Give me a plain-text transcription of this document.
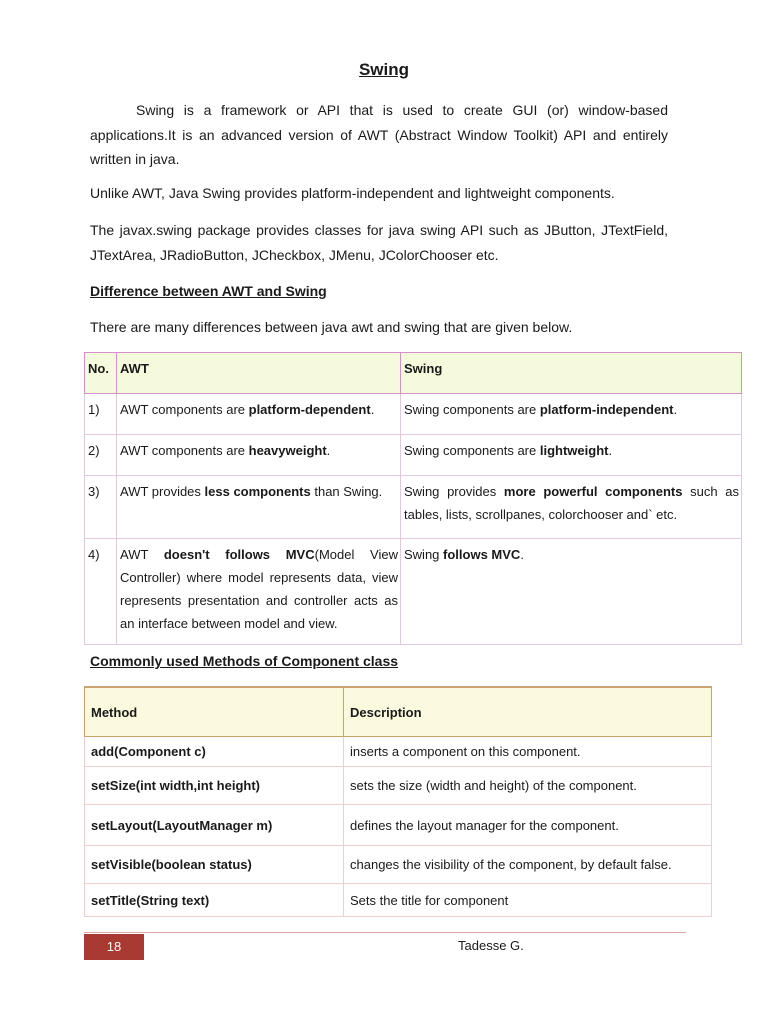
Swing

Swing is a framework or API that is used to create GUI (or) window-based applications.It is an advanced version of AWT (Abstract Window Toolkit) API and entirely written in java.

Unlike AWT, Java Swing provides platform-independent and lightweight components.

The javax.swing package provides classes for java swing API such as JButton, JTextField, JTextArea, JRadioButton, JCheckbox, JMenu, JColorChooser etc.

Difference between AWT and Swing

There are many differences between java awt and swing that are given below.

No.	AWT	Swing
1)	AWT components are platform-dependent.	Swing components are platform-independent.
2)	AWT components are heavyweight.	Swing components are lightweight.
3)	AWT provides less components than Swing.	Swing provides more powerful components such as tables, lists, scrollpanes, colorchooser and` etc.
4)	AWT doesn't follows MVC(Model View Controller) where model represents data, view represents presentation and controller acts as an interface between model and view.	Swing follows MVC.

Commonly used Methods of Component class

Method	Description
add(Component c)	inserts a component on this component.
setSize(int width,int height)	sets the size (width and height) of the component.
setLayout(LayoutManager m)	defines the layout manager for the component.
setVisible(boolean status)	changes the visibility of the component, by default false.
setTitle(String text)	Sets the title for component
18	Tadesse G.
